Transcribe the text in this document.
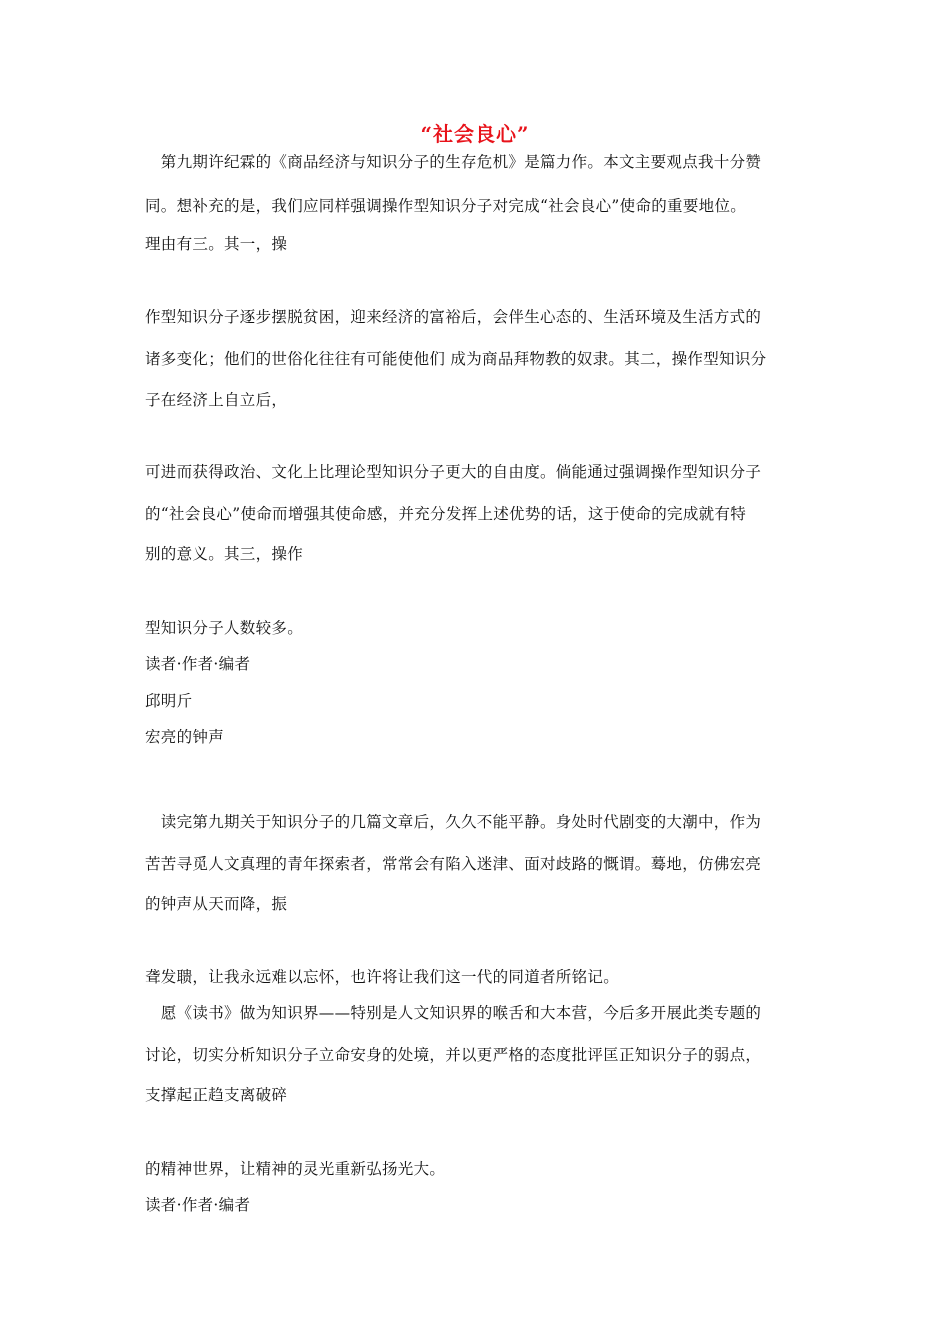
“社会良心”
　第九期许纪霖的《商品经济与知识分子的生存危机》是篇力作。本文主要观点我十分赞
同。想补充的是，我们应同样强调操作型知识分子对完成“社会良心”使命的重要地位。
理由有三。其一，操
作型知识分子逐步摆脱贫困，迎来经济的富裕后，会伴生心态的、生活环境及生活方式的
诸多变化；他们的世俗化往往有可能使他们 成为商品拜物教的奴隶。其二，操作型知识分
子在经济上自立后，
可进而获得政治、文化上比理论型知识分子更大的自由度。倘能通过强调操作型知识分子
的“社会良心”使命而增强其使命感，并充分发挥上述优势的话，这于使命的完成就有特
别的意义。其三，操作
型知识分子人数较多。
读者·作者·编者
邱明斤
宏亮的钟声
　读完第九期关于知识分子的几篇文章后，久久不能平静。身处时代剧变的大潮中，作为
苦苦寻觅人文真理的青年探索者，常常会有陷入迷津、面对歧路的慨谓。蓦地，仿佛宏亮
的钟声从天而降，振
聋发聩，让我永远难以忘怀，也许将让我们这一代的同道者所铭记。
　愿《读书》做为知识界——特别是人文知识界的喉舌和大本营，今后多开展此类专题的
讨论，切实分析知识分子立命安身的处境，并以更严格的态度批评匡正知识分子的弱点，
支撑起正趋支离破碎
的精神世界，让精神的灵光重新弘扬光大。
读者·作者·编者
